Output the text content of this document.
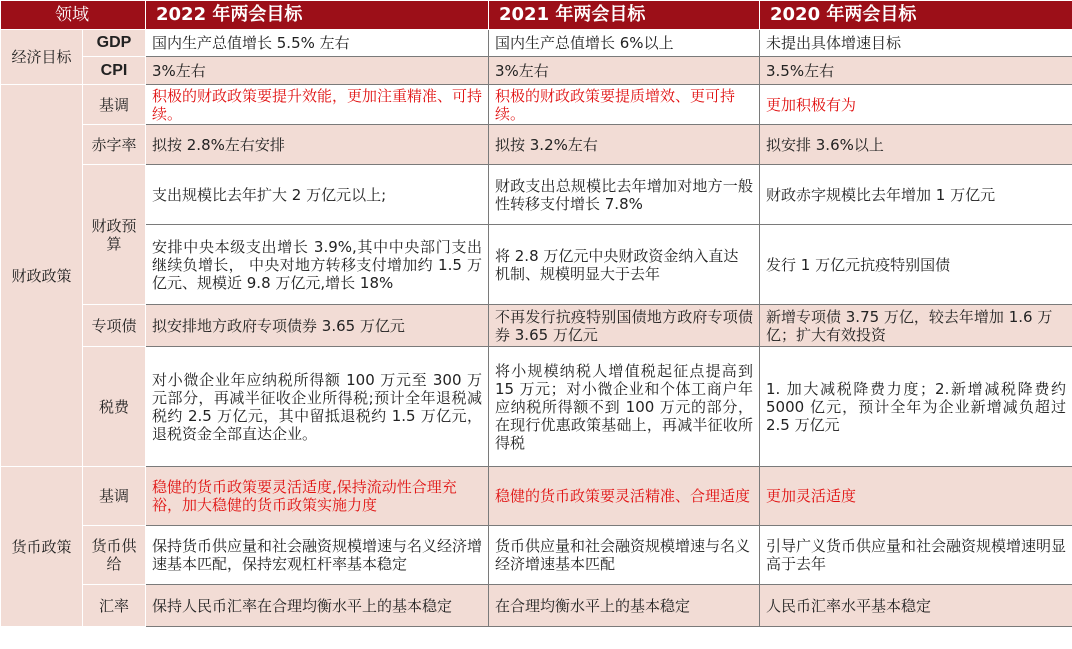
领域		2022 年两会目标	2021 年两会目标	2020 年两会目标
经济目标	GDP	国内生产总值增长 5.5% 左右	国内生产总值增长 6%以上	未提出具体增速目标
	CPI	3%左右	3%左右	3.5%左右
财政政策	基调	积极的财政政策要提升效能，更加注重精准、可持续。	积极的财政政策要提质增效、更可持续。	更加积极有为
	赤字率	拟按 2.8%左右安排	拟按 3.2%左右	拟安排 3.6%以上
	财政预算	支出规模比去年扩大 2 万亿元以上;	财政支出总规模比去年增加对地方一般性转移支付增长 7.8%	财政赤字规模比去年增加 1 万亿元
		安排中央本级支出增长 3.9%,其中中央部门支出继续负增长， 中央对地方转移支付增加约 1.5 万亿元、规模近 9.8 万亿元,增长 18%	将 2.8 万亿元中央财政资金纳入直达机制、规模明显大于去年	发行 1 万亿元抗疫特别国债
	专项债	拟安排地方政府专项债券 3.65 万亿元	不再发行抗疫特别国债地方政府专项债券 3.65 万亿元	新增专项债 3.75 万亿，较去年增加 1.6 万亿；扩大有效投资
	税费	对小微企业年应纳税所得额 100 万元至 300 万元部分，再减半征收企业所得税;预计全年退税减税约 2.5 万亿元，其中留抵退税约 1.5 万亿元，退税资金全部直达企业。	将小规模纳税人增值税起征点提高到 15 万元；对小微企业和个体工商户年应纳税所得额不到 100 万元的部分，在现行优惠政策基础上，再减半征收所得税	1. 加大减税降费力度；2.新增减税降费约 5000 亿元，预计全年为企业新增减负超过 2.5 万亿元
货币政策	基调	稳健的货币政策要灵活适度,保持流动性合理充裕，加大稳健的货币政策实施力度	稳健的货币政策要灵活精准、合理适度	更加灵活适度
	货币供给	保持货币供应量和社会融资规模增速与名义经济增速基本匹配，保持宏观杠杆率基本稳定	货币供应量和社会融资规模增速与名义经济增速基本匹配	引导广义货币供应量和社会融资规模增速明显高于去年
	汇率	保持人民币汇率在合理均衡水平上的基本稳定	在合理均衡水平上的基本稳定	人民币汇率水平基本稳定
